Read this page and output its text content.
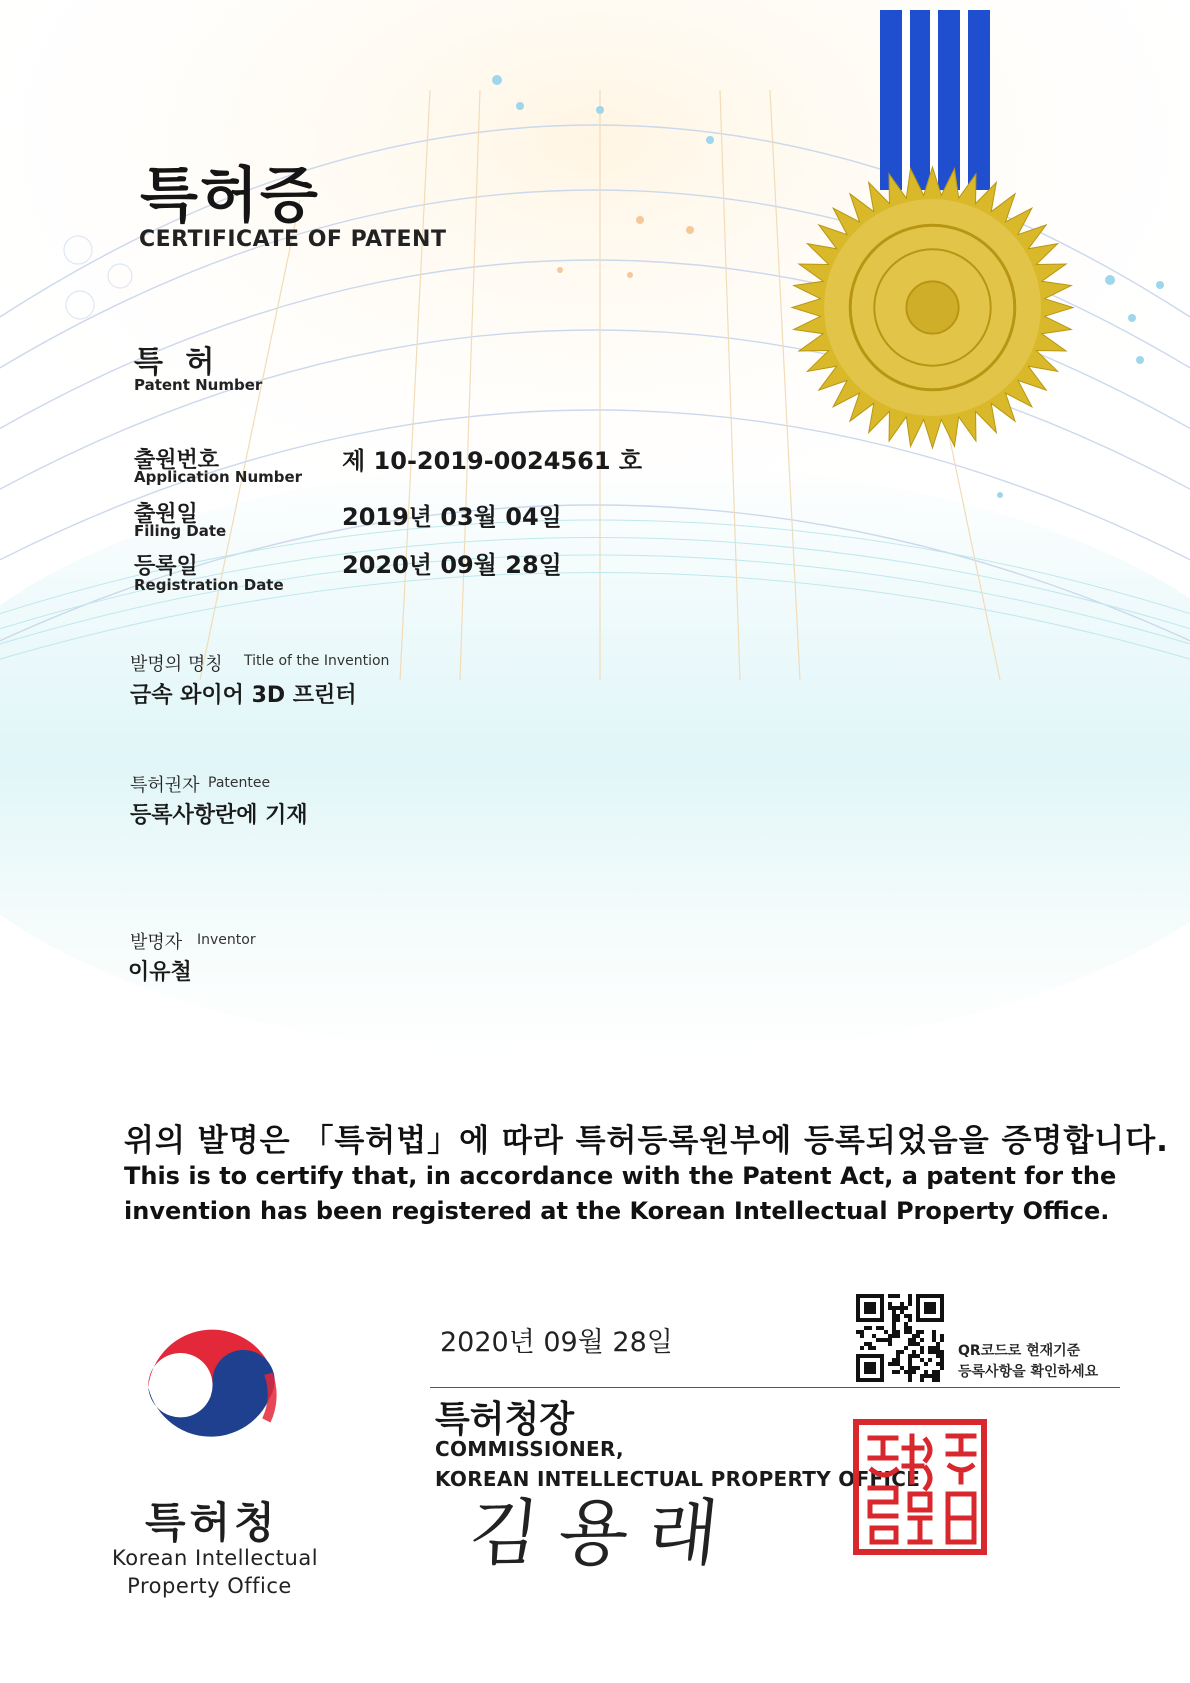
특허증
CERTIFICATE OF PATENT
특 허
Patent Number
출원번호
Application Number
제 10-2019-0024561 호
출원일
Filing Date	2019년 03월 04일
등록일
Registration Date
2020년 09월 28일
발명의 명칭 Title of the Invention
금속 와이어 3D 프린터
특허권자 Patentee
등록사항란에 기재
발명자 Inventor
이유철
위의 발명은 「특허법」에 따라 특허등록원부에 등록되었음을 증명합니다.
This is to certify that, in accordance with the Patent Act, a patent for the
invention has been registered at the Korean Intellectual Property Office.
2020년 09월 28일	QR코드로 현재기준
등록사항을 확인하세요
특허청장
COMMISSIONER,
KOREAN INTELLECTUAL PROPERTY OFFICE
김용래
특허청
Korean Intellectual
Property Office
